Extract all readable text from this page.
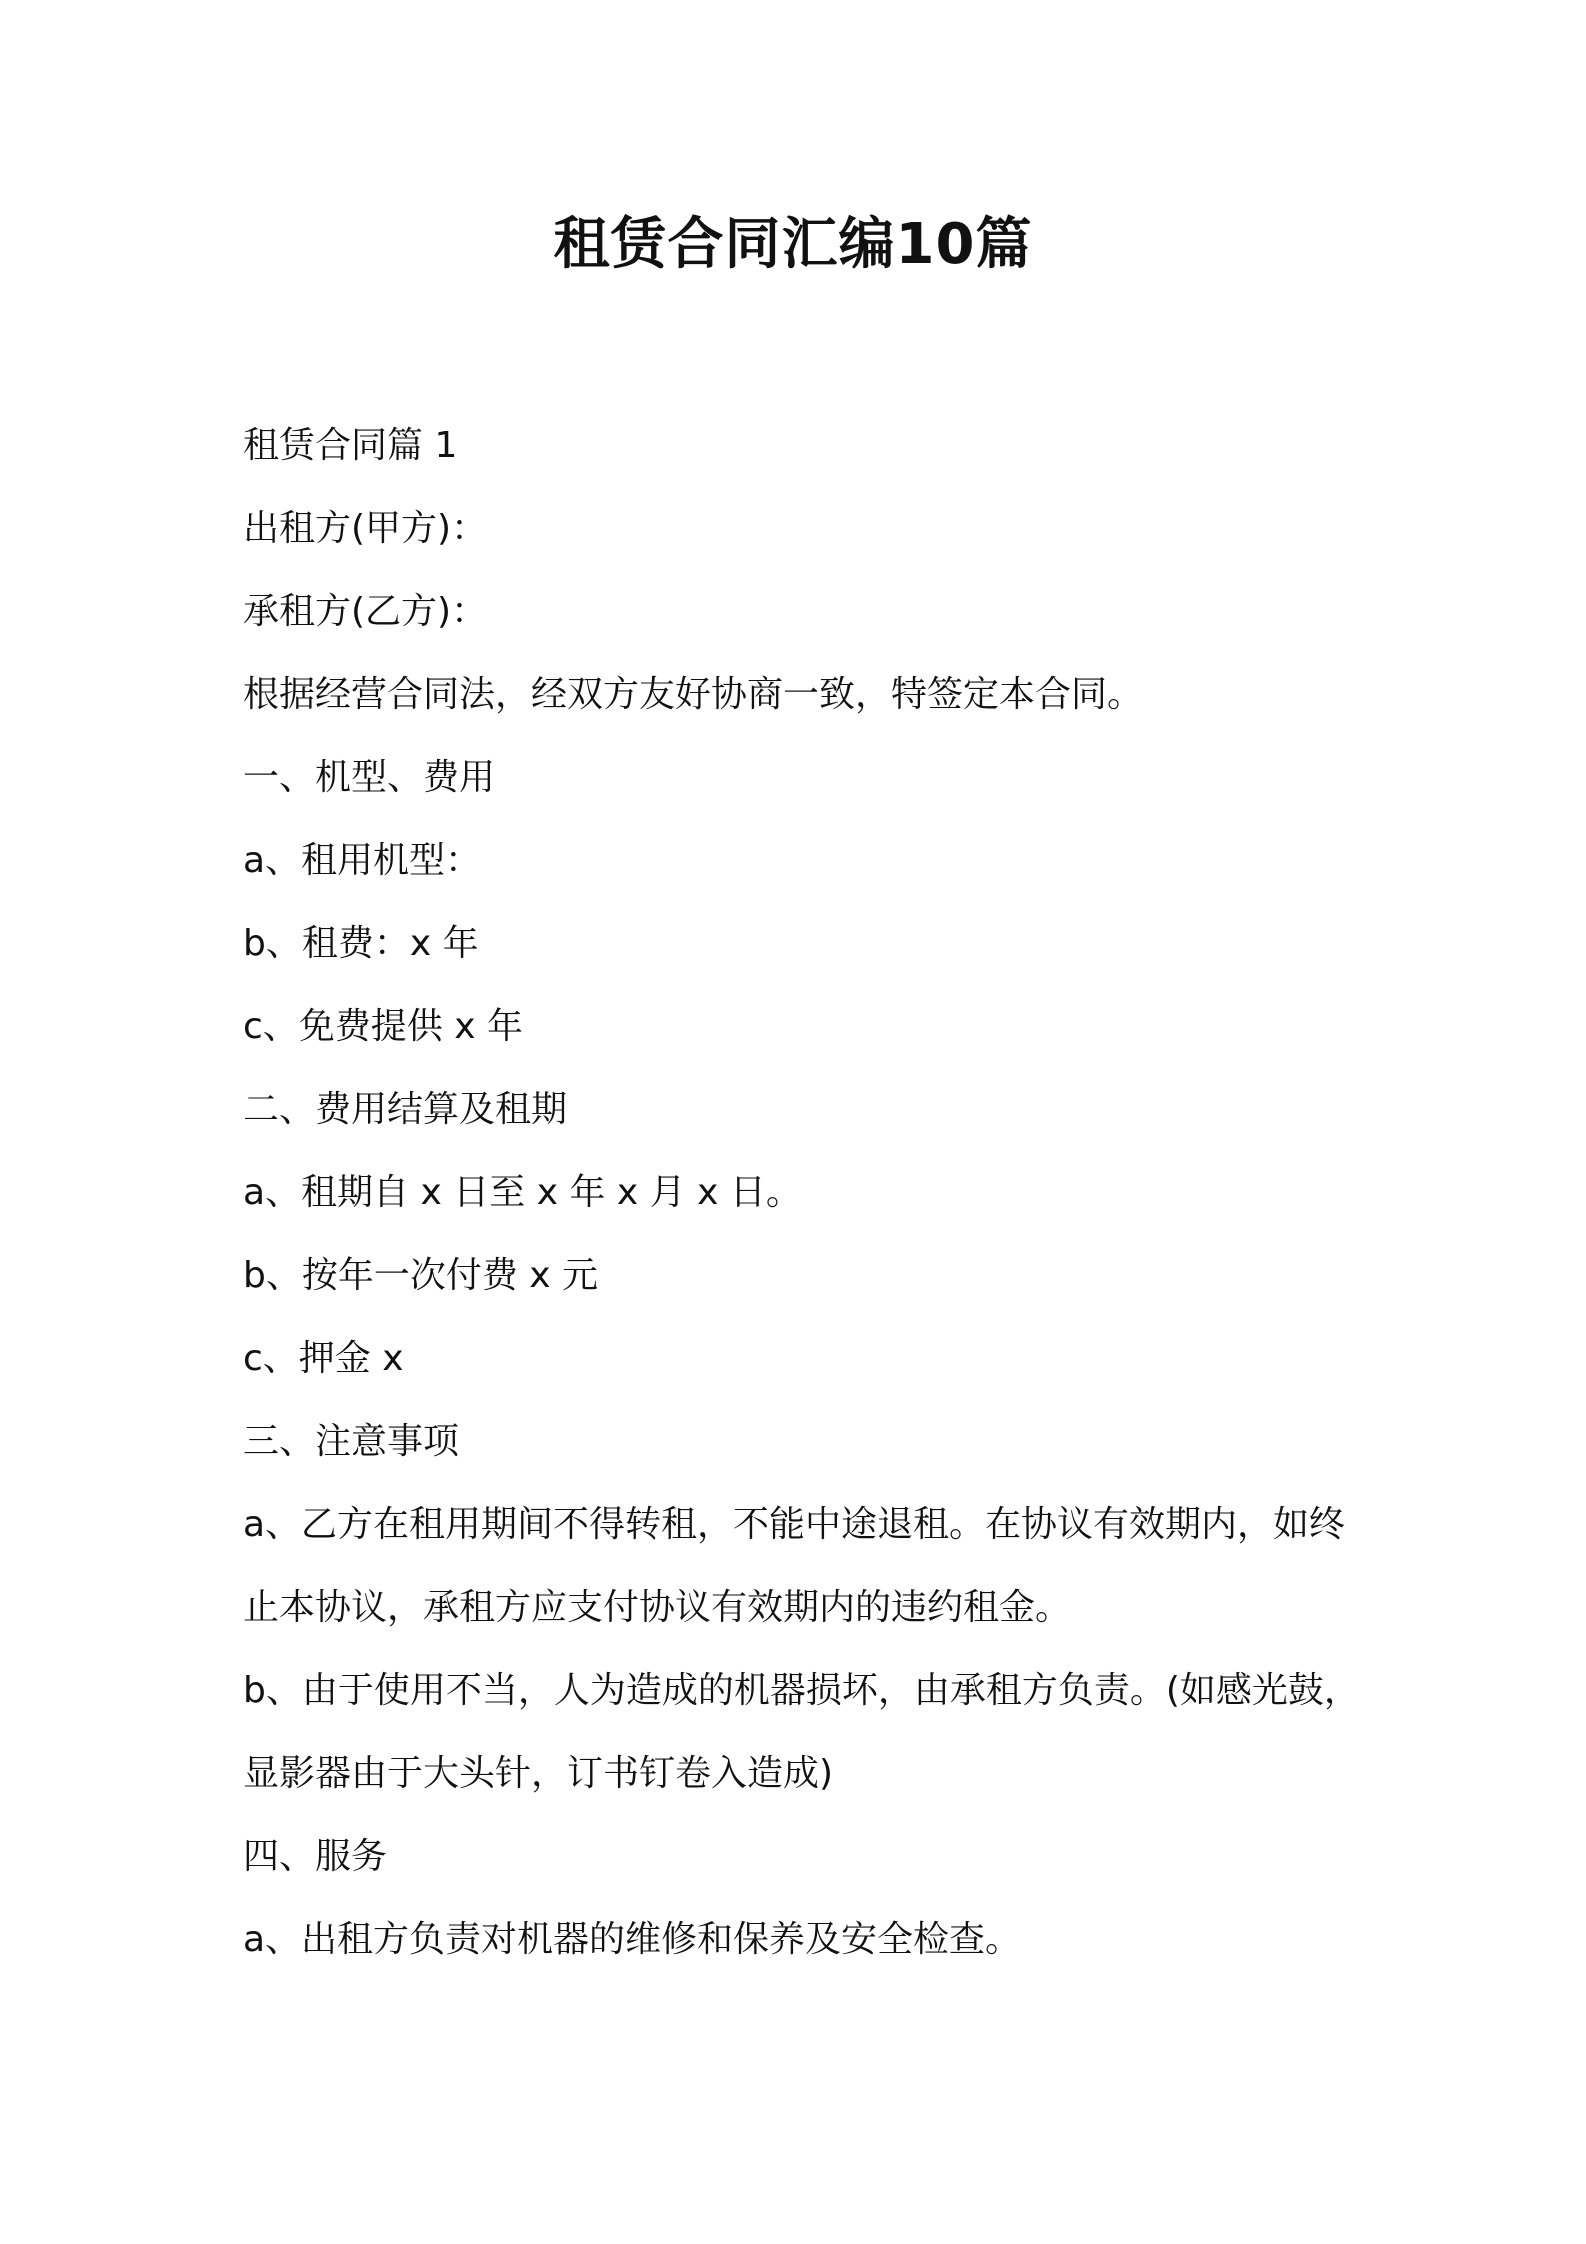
租赁合同汇编10篇

租赁合同篇 1

出租方(甲方)：

承租方(乙方)：

根据经营合同法，经双方友好协商一致，特签定本合同。

一、机型、费用

a、租用机型：

b、租费：x 年

c、免费提供 x 年

二、费用结算及租期

a、租期自 x 日至 x 年 x 月 x 日。

b、按年一次付费 x 元

c、押金 x

三、注意事项

a、乙方在租用期间不得转租，不能中途退租。在协议有效期内，如终止本协议，承租方应支付协议有效期内的违约租金。

b、由于使用不当，人为造成的机器损坏，由承租方负责。(如感光鼓，显影器由于大头针，订书钉卷入造成)

四、服务

a、出租方负责对机器的维修和保养及安全检查。
